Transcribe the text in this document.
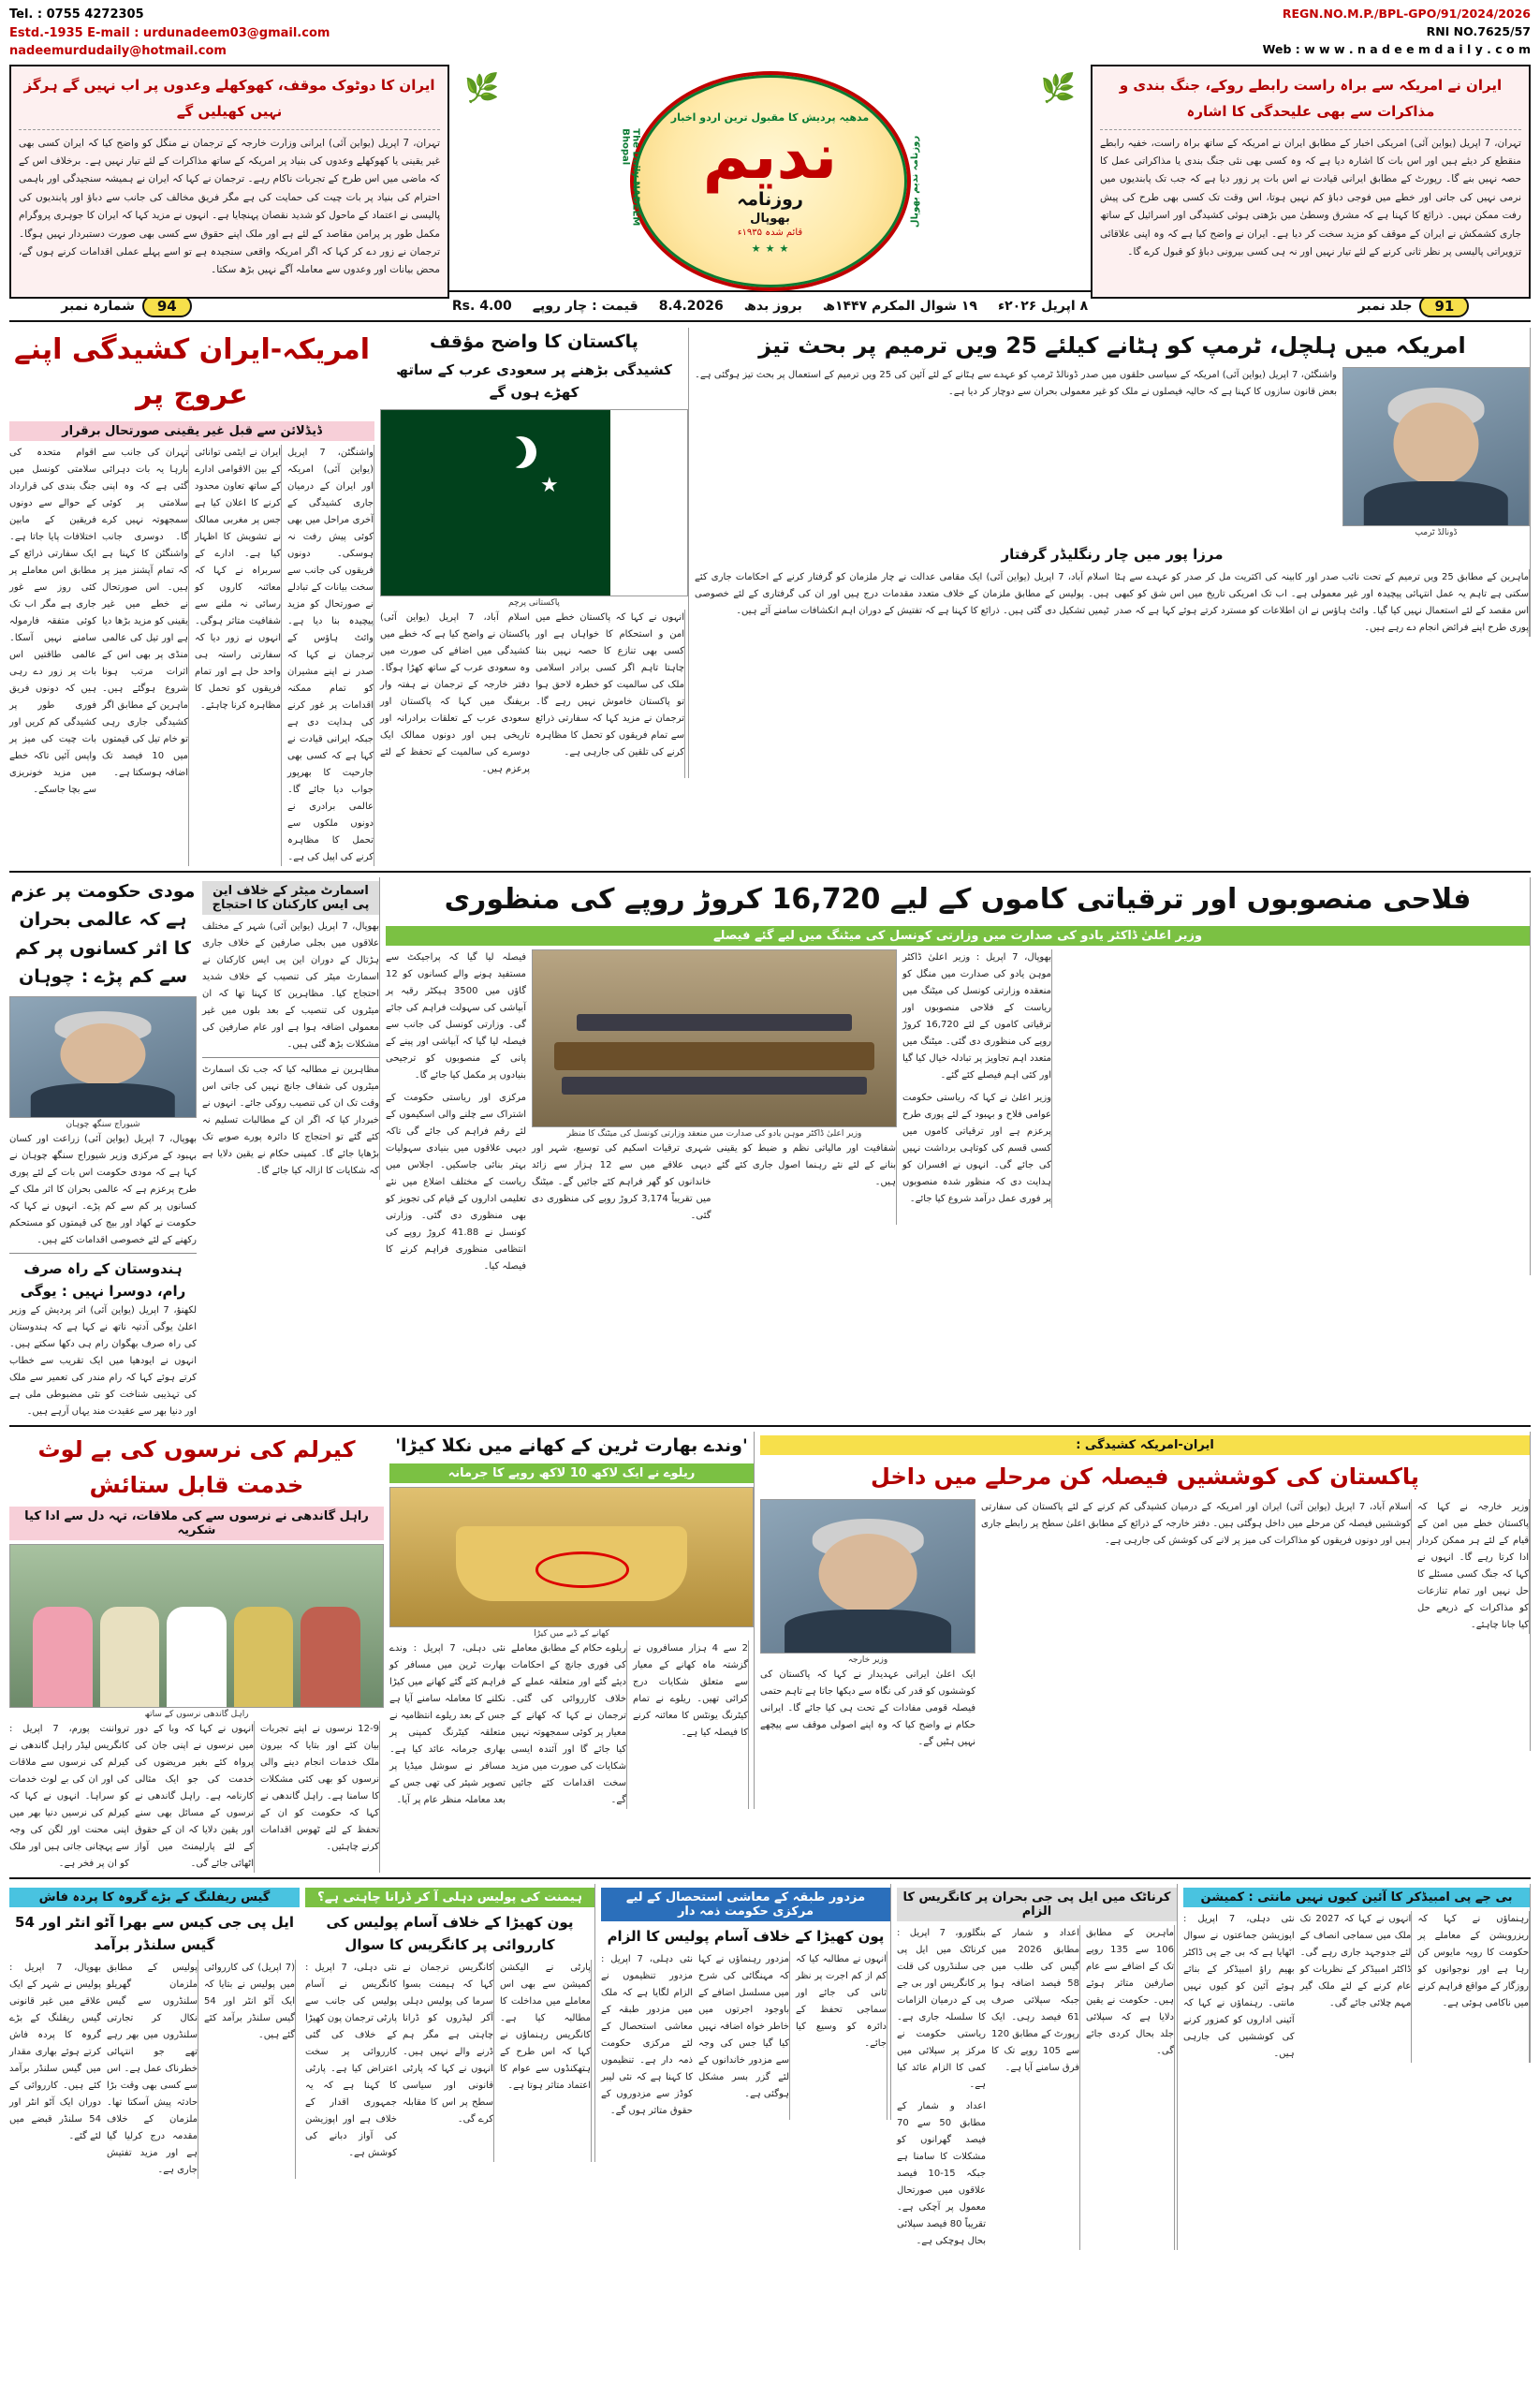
Tel. : 0755 4272305
Estd.-1935 E-mail : urdunadeem03@gmail.com
nadeemurdudaily@hotmail.com
REGN.NO.M.P./BPL-GPO/91/2024/2026
RNI NO.7625/57
Web : w w w . n a d e e m d a i l y . c o m
ایران کا دوٹوک موقف، کھوکھلے وعدوں پر اب نہیں گے ہرگز نہیں کھیلیں گے
تہران، 7 اپریل (یواین آئی) ایرانی وزارت خارجہ کے ترجمان نے منگل کو واضح کیا کہ ایران کسی بھی غیر یقینی یا کھوکھلے وعدوں کی بنیاد پر امریکہ کے ساتھ مذاکرات کے لئے تیار نہیں ہے۔ برخلاف اس کے کہ ماضی میں اس طرح کے تجربات ناکام رہے۔ ترجمان نے کہا کہ ایران نے ہمیشہ سنجیدگی اور باہمی احترام کی بنیاد پر بات چیت کی حمایت کی ہے مگر فریق مخالف کی جانب سے دباؤ اور پابندیوں کی پالیسی نے اعتماد کے ماحول کو شدید نقصان پہنچایا ہے۔ انہوں نے مزید کہا کہ ایران کا جوہری پروگرام مکمل طور پر پرامن مقاصد کے لئے ہے اور ملک اپنے حقوق سے کسی بھی صورت دستبردار نہیں ہوگا۔ ترجمان نے زور دے کر کہا کہ اگر امریکہ واقعی سنجیدہ ہے تو اسے پہلے عملی اقدامات کرنے ہوں گے، محض بیانات اور وعدوں سے معاملہ آگے نہیں بڑھ سکتا۔
🌿	🌿
The Daily NADEEM Bhopal	روزنامہ ندیم بھوپال
مدھیہ پردیش کا مقبول ترین اردو اخبار
ندیم
روزنامہ
بھوپال
قائم شدہ ۱۹۳۵ء
★ ★ ★
ایران نے امریکہ سے براہ راست رابطے روکے، جنگ بندی و مذاکرات سے بھی علیحدگی کا اشارہ
تہران، 7 اپریل (یواین آئی) امریکی اخبار کے مطابق ایران نے امریکہ کے ساتھ براہ راست، خفیہ رابطے منقطع کر دیئے ہیں اور اس بات کا اشارہ دیا ہے کہ وہ کسی بھی نئی جنگ بندی یا مذاکراتی عمل کا حصہ نہیں بنے گا۔ رپورٹ کے مطابق ایرانی قیادت نے اس بات پر زور دیا ہے کہ جب تک پابندیوں میں نرمی نہیں کی جاتی اور خطے میں فوجی دباؤ کم نہیں ہوتا، اس وقت تک کسی بھی طرح کی پیش رفت ممکن نہیں۔ ذرائع کا کہنا ہے کہ مشرق وسطیٰ میں بڑھتی ہوئی کشیدگی اور اسرائیل کے ساتھ جاری کشمکش نے ایران کے موقف کو مزید سخت کر دیا ہے۔ ایران نے واضح کیا ہے کہ وہ اپنی علاقائی تزویراتی پالیسی پر نظر ثانی کرنے کے لئے تیار نہیں اور نہ ہی کسی بیرونی دباؤ کو قبول کرے گا۔
شمارہ نمبر	94	Rs. 4.00 قیمت : چار روپے 8.4.2026 بروز بدھ ۱۹ شوال المکرم ۱۴۴۷ھ ۸ اپریل ۲۰۲۶ء	91
جلد نمبر
امریکہ-ایران کشیدگی اپنے عروج پر
ڈیڈلائن سے قبل غیر یقینی صورتحال برقرار
اقوام متحدہ کی سلامتی کونسل میں جنگ بندی کی قرارداد کے حوالے سے دونوں فریقین کے مابین اختلافات پایا جاتا ہے۔ ایک سفارتی ذرائع کے مطابق اس معاملے پر کئی روز سے غور جاری ہے مگر اب تک کوئی متفقہ فارمولہ سامنے نہیں آسکا۔ عالمی طاقتیں اس بات پر زور دے رہی ہیں کہ دونوں فریق فوری طور پر کشیدگی کم کریں اور بات چیت کی میز پر واپس آئیں تاکہ خطے میں مزید خونریزی سے بچا جاسکے۔
تہران کی جانب سے بارہا یہ بات دہرائی گئی ہے کہ وہ اپنی سلامتی پر کوئی سمجھوتہ نہیں کرے گا۔ دوسری جانب واشنگٹن کا کہنا ہے کہ تمام آپشنز میز پر ہیں۔ اس صورتحال نے خطے میں غیر یقینی کو مزید بڑھا دیا ہے اور تیل کی عالمی منڈی پر بھی اس کے اثرات مرتب ہونا شروع ہوگئے ہیں۔ ماہرین کے مطابق اگر کشیدگی جاری رہی تو خام تیل کی قیمتوں میں 10 فیصد تک اضافہ ہوسکتا ہے۔
ایران نے ایٹمی توانائی کے بین الاقوامی ادارے کے ساتھ تعاون محدود کرنے کا اعلان کیا ہے جس پر مغربی ممالک نے تشویش کا اظہار کیا ہے۔ ادارے کے سربراہ نے کہا کہ معائنہ کاروں کو رسائی نہ ملنے سے شفافیت متاثر ہوگی۔ انہوں نے زور دیا کہ سفارتی راستہ ہی واحد حل ہے اور تمام فریقوں کو تحمل کا مظاہرہ کرنا چاہئے۔
واشنگٹن، 7 اپریل (یواین آئی) امریکہ اور ایران کے درمیان جاری کشیدگی کے آخری مراحل میں بھی کوئی پیش رفت نہ ہوسکی۔ دونوں فریقوں کی جانب سے سخت بیانات کے تبادلے نے صورتحال کو مزید پیچیدہ بنا دیا ہے۔ وائٹ ہاؤس کے ترجمان نے کہا کہ صدر نے اپنے مشیران کو تمام ممکنہ اقدامات پر غور کرنے کی ہدایت دی ہے جبکہ ایرانی قیادت نے کہا ہے کہ کسی بھی جارحیت کا بھرپور جواب دیا جائے گا۔ عالمی برادری نے دونوں ملکوں سے تحمل کا مظاہرہ کرنے کی اپیل کی ہے۔
پاکستان کا واضح مؤقف
کشیدگی بڑھنے پر سعودی عرب کے ساتھ کھڑے ہوں گے
★
پاکستانی پرچم
اسلام آباد، 7 اپریل (یواین آئی) پاکستان نے واضح کیا ہے کہ خطے میں کشیدگی میں اضافے کی صورت میں وہ سعودی عرب کے ساتھ کھڑا ہوگا۔ دفتر خارجہ کے ترجمان نے ہفتہ وار بریفنگ میں کہا کہ پاکستان اور سعودی عرب کے تعلقات برادرانہ اور تاریخی ہیں اور دونوں ممالک ایک دوسرے کی سالمیت کے تحفظ کے لئے پرعزم ہیں۔
انہوں نے کہا کہ پاکستان خطے میں امن و استحکام کا خواہاں ہے اور کسی بھی تنازع کا حصہ نہیں بننا چاہتا تاہم اگر کسی برادر اسلامی ملک کی سالمیت کو خطرہ لاحق ہوا تو پاکستان خاموش نہیں رہے گا۔ ترجمان نے مزید کہا کہ سفارتی ذرائع سے تمام فریقوں کو تحمل کا مظاہرہ کرنے کی تلقین کی جارہی ہے۔
امریکہ میں ہلچل، ٹرمپ کو ہٹانے کیلئے 25 ویں ترمیم پر بحث تیز
واشنگٹن، 7 اپریل (یواین آئی) امریکہ کے سیاسی حلقوں میں صدر ڈونالڈ ٹرمپ کو عہدے سے ہٹانے کے لئے آئین کی 25 ویں ترمیم کے استعمال پر بحث تیز ہوگئی ہے۔ بعض قانون سازوں کا کہنا ہے کہ حالیہ فیصلوں نے ملک کو غیر معمولی بحران سے دوچار کر دیا ہے۔
ڈونالڈ ٹرمپ
مرزا پور میں چار رنگلیڈر گرفتار
اسلام آباد، 7 اپریل (یواین آئی) ایک مقامی عدالت نے چار ملزمان کو گرفتار کرنے کے احکامات جاری کئے ہیں۔ پولیس کے مطابق ملزمان کے خلاف متعدد مقدمات درج ہیں اور ان کی گرفتاری کے لئے خصوصی ٹیمیں تشکیل دی گئی ہیں۔ ذرائع کا کہنا ہے کہ تفتیش کے دوران اہم انکشافات سامنے آئے ہیں۔
ماہرین کے مطابق 25 ویں ترمیم کے تحت نائب صدر اور کابینہ کی اکثریت مل کر صدر کو عہدے سے ہٹا سکتی ہے تاہم یہ عمل انتہائی پیچیدہ اور غیر معمولی ہے۔ اب تک امریکی تاریخ میں اس شق کو کبھی اس مقصد کے لئے استعمال نہیں کیا گیا۔ وائٹ ہاؤس نے ان اطلاعات کو مسترد کرتے ہوئے کہا ہے کہ صدر پوری طرح اپنے فرائض انجام دے رہے ہیں۔
مودی حکومت پر عزم ہے کہ عالمی بحران کا اثر کسانوں پر کم سے کم پڑے : چوہان
شیوراج سنگھ چوہان
بھوپال، 7 اپریل (یواین آئی) زراعت اور کسان بہبود کے مرکزی وزیر شیوراج سنگھ چوہان نے کہا ہے کہ مودی حکومت اس بات کے لئے پوری طرح پرعزم ہے کہ عالمی بحران کا اثر ملک کے کسانوں پر کم سے کم پڑے۔ انہوں نے کہا کہ حکومت نے کھاد اور بیج کی قیمتوں کو مستحکم رکھنے کے لئے خصوصی اقدامات کئے ہیں۔
ہندوستان کے راہ صرف رام، دوسرا نہیں : یوگی
لکھنؤ، 7 اپریل (یواین آئی) اتر پردیش کے وزیر اعلیٰ یوگی آدتیہ ناتھ نے کہا ہے کہ ہندوستان کی راہ صرف بھگوان رام ہی دکھا سکتے ہیں۔ انہوں نے ایودھیا میں ایک تقریب سے خطاب کرتے ہوئے کہا کہ رام مندر کی تعمیر سے ملک کی تہذیبی شناخت کو نئی مضبوطی ملی ہے اور دنیا بھر سے عقیدت مند یہاں آرہے ہیں۔
اسمارٹ میٹر کے خلاف این پی ایس کارکنان کا احتجاج
بھوپال، 7 اپریل (یواین آئی) شہر کے مختلف علاقوں میں بجلی صارفین کے خلاف جاری ہڑتال کے دوران این پی ایس کارکنان نے اسمارٹ میٹر کی تنصیب کے خلاف شدید احتجاج کیا۔ مظاہرین کا کہنا تھا کہ ان میٹروں کی تنصیب کے بعد بلوں میں غیر معمولی اضافہ ہوا ہے اور عام صارفین کی مشکلات بڑھ گئی ہیں۔
مظاہرین نے مطالبہ کیا کہ جب تک اسمارٹ میٹروں کی شفاف جانچ نہیں کی جاتی اس وقت تک ان کی تنصیب روکی جائے۔ انہوں نے خبردار کیا کہ اگر ان کے مطالبات تسلیم نہ کئے گئے تو احتجاج کا دائرہ پورے صوبے تک بڑھایا جائے گا۔ کمپنی حکام نے یقین دلایا ہے کہ شکایات کا ازالہ کیا جائے گا۔
فلاحی منصوبوں اور ترقیاتی کاموں کے لیے 16,720 کروڑ روپے کی منظوری
وزیر اعلیٰ ڈاکٹر یادو کی صدارت میں وزارتی کونسل کی میٹنگ میں لیے گئے فیصلے
فیصلہ لیا گیا کہ پراجیکٹ سے مستفید ہونے والے کسانوں کو 12 گاؤں میں 3500 ہیکٹر رقبہ پر آبپاشی کی سہولت فراہم کی جائے گی۔ وزارتی کونسل کی جانب سے فیصلہ لیا گیا کہ آبپاشی اور پینے کے پانی کے منصوبوں کو ترجیحی بنیادوں پر مکمل کیا جائے گا۔
مرکزی اور ریاستی حکومت کے اشتراک سے چلنے والی اسکیموں کے لئے رقم فراہم کی جائے گی تاکہ دیہی علاقوں میں بنیادی سہولیات بہتر بنائی جاسکیں۔ اجلاس میں ریاست کے مختلف اضلاع میں نئے تعلیمی اداروں کے قیام کی تجویز کو بھی منظوری دی گئی۔ وزارتی کونسل نے 41.88 کروڑ روپے کی انتظامی منظوری فراہم کرنے کا فیصلہ کیا۔
وزیر اعلیٰ ڈاکٹر موہن یادو کی صدارت میں منعقد وزارتی کونسل کی میٹنگ کا منظر
شہری ترقیات اسکیم کی توسیع، شہر اور دیہی علاقے میں سے 12 ہزار سے زائد خاندانوں کو گھر فراہم کئے جائیں گے۔ میٹنگ میں تقریباً 3,174 کروڑ روپے کی منظوری دی گئی۔
شفافیت اور مالیاتی نظم و ضبط کو یقینی بنانے کے لئے نئے رہنما اصول جاری کئے گئے ہیں۔
بھوپال، 7 اپریل : وزیر اعلیٰ ڈاکٹر موہن یادو کی صدارت میں منگل کو منعقدہ وزارتی کونسل کی میٹنگ میں ریاست کے فلاحی منصوبوں اور ترقیاتی کاموں کے لئے 16,720 کروڑ روپے کی منظوری دی گئی۔ میٹنگ میں متعدد اہم تجاویز پر تبادلہ خیال کیا گیا اور کئی اہم فیصلے کئے گئے۔
وزیر اعلیٰ نے کہا کہ ریاستی حکومت عوامی فلاح و بہبود کے لئے پوری طرح پرعزم ہے اور ترقیاتی کاموں میں کسی قسم کی کوتاہی برداشت نہیں کی جائے گی۔ انہوں نے افسران کو ہدایت دی کہ منظور شدہ منصوبوں پر فوری عمل درآمد شروع کیا جائے۔
کیرلم کی نرسوں کی بے لوث خدمت قابل ستائش
راہل گاندھی نے نرسوں سے کی ملاقات، تہہ دل سے ادا کیا شکریہ
راہل گاندھی نرسوں کے ساتھ
ترواننت پورم، 7 اپریل : کانگریس لیڈر راہل گاندھی نے کیرلم کی نرسوں سے ملاقات کی اور ان کی بے لوث خدمات کو سراہا۔ انہوں نے کہا کہ کیرلم کی نرسیں دنیا بھر میں اپنی محنت اور لگن کی وجہ سے پہچانی جاتی ہیں اور ملک کو ان پر فخر ہے۔
انہوں نے کہا کہ وبا کے دور میں نرسوں نے اپنی جان کی پرواہ کئے بغیر مریضوں کی خدمت کی جو ایک مثالی کارنامہ ہے۔ راہل گاندھی نے نرسوں کے مسائل بھی سنے اور یقین دلایا کہ ان کے حقوق کے لئے پارلیمنٹ میں آواز اٹھائی جائے گی۔
12-9 نرسوں نے اپنے تجربات بیان کئے اور بتایا کہ بیرون ملک خدمات انجام دینے والی نرسوں کو بھی کئی مشکلات کا سامنا ہے۔ راہل گاندھی نے کہا کہ حکومت کو ان کے تحفظ کے لئے ٹھوس اقدامات کرنے چاہئیں۔
'وندے بھارت ٹرین کے کھانے میں نکلا کیڑا'
ریلوے نے ایک لاکھ 10 لاکھ روپے کا جرمانہ
کھانے کے ڈبے میں کیڑا
نئی دہلی، 7 اپریل : وندے بھارت ٹرین میں مسافر کو فراہم کئے گئے کھانے میں کیڑا نکلنے کا معاملہ سامنے آیا ہے جس کے بعد ریلوے انتظامیہ نے متعلقہ کیٹرنگ کمپنی پر بھاری جرمانہ عائد کیا ہے۔ مسافر نے سوشل میڈیا پر تصویر شیئر کی تھی جس کے بعد معاملہ منظر عام پر آیا۔
ریلوے حکام کے مطابق معاملے کی فوری جانچ کے احکامات دیئے گئے اور متعلقہ عملے کے خلاف کارروائی کی گئی۔ ترجمان نے کہا کہ کھانے کے معیار پر کوئی سمجھوتہ نہیں کیا جائے گا اور آئندہ ایسی شکایات کی صورت میں مزید سخت اقدامات کئے جائیں گے۔
2 سے 4 ہزار مسافروں نے گزشتہ ماہ کھانے کے معیار سے متعلق شکایات درج کرائی تھیں۔ ریلوے نے تمام کیٹرنگ یونٹس کا معائنہ کرنے کا فیصلہ کیا ہے۔
ایران-امریکہ کشیدگی :
پاکستان کی کوششیں فیصلہ کن مرحلے میں داخل
وزیر خارجہ
ایک اعلیٰ ایرانی عہدیدار نے کہا کہ پاکستان کی کوششوں کو قدر کی نگاہ سے دیکھا جاتا ہے تاہم حتمی فیصلہ قومی مفادات کے تحت ہی کیا جائے گا۔ ایرانی حکام نے واضح کیا کہ وہ اپنے اصولی موقف سے پیچھے نہیں ہٹیں گے۔
اسلام آباد، 7 اپریل (یواین آئی) ایران اور امریکہ کے درمیان کشیدگی کم کرنے کے لئے پاکستان کی سفارتی کوششیں فیصلہ کن مرحلے میں داخل ہوگئی ہیں۔ دفتر خارجہ کے ذرائع کے مطابق اعلیٰ سطح پر رابطے جاری ہیں اور دونوں فریقوں کو مذاکرات کی میز پر لانے کی کوشش کی جارہی ہے۔
وزیر خارجہ نے کہا کہ پاکستان خطے میں امن کے قیام کے لئے ہر ممکن کردار ادا کرتا رہے گا۔ انہوں نے کہا کہ جنگ کسی مسئلے کا حل نہیں اور تمام تنازعات کو مذاکرات کے ذریعے حل کیا جانا چاہئے۔
گیس ریفلنگ کے بڑے گروہ کا پردہ فاش
ایل پی جی کیس سے بھرا آٹو انٹر اور 54 گیس سلنڈر برآمد
بھوپال، 7 اپریل : پولیس نے شہر کے ایک علاقے میں غیر قانونی گیس ریفلنگ کے بڑے گروہ کا پردہ فاش کرتے ہوئے بھاری مقدار میں گیس سلنڈر برآمد کئے ہیں۔ کارروائی کے دوران ایک آٹو انٹر اور 54 سلنڈر قبضے میں لئے گئے۔
پولیس کے مطابق ملزمان گھریلو سلنڈروں سے گیس نکال کر تجارتی سلنڈروں میں بھر رہے تھے جو انتہائی خطرناک عمل ہے۔ اس سے کسی بھی وقت بڑا حادثہ پیش آسکتا تھا۔ ملزمان کے خلاف مقدمہ درج کرلیا گیا ہے اور مزید تفتیش جاری ہے۔
(7 اپریل) کی کارروائی میں پولیس نے بتایا کہ ایک آٹو انٹر اور 54 گیس سلنڈر برآمد کئے گئے ہیں۔
ہیمنت کی پولیس دہلی آ کر ڈرانا چاہتی ہے؟
پون کھیڑا کے خلاف آسام پولیس کی کارروائی پر کانگریس کا سوال
نئی دہلی، 7 اپریل : کانگریس نے آسام پولیس کی جانب سے پارٹی ترجمان پون کھیڑا کے خلاف کی گئی کارروائی پر سخت اعتراض کیا ہے۔ پارٹی کا کہنا ہے کہ یہ جمہوری اقدار کے خلاف ہے اور اپوزیشن کی آواز دبانے کی کوشش ہے۔
کانگریس ترجمان نے کہا کہ ہیمنت بسوا سرما کی پولیس دہلی آکر لیڈروں کو ڈرانا چاہتی ہے مگر ہم ڈرنے والے نہیں ہیں۔ انہوں نے کہا کہ پارٹی قانونی اور سیاسی سطح پر اس کا مقابلہ کرے گی۔
پارٹی نے الیکشن کمیشن سے بھی اس معاملے میں مداخلت کا مطالبہ کیا ہے۔ کانگریس رہنماؤں نے کہا کہ اس طرح کے ہتھکنڈوں سے عوام کا اعتماد متاثر ہوتا ہے۔
مزدور طبقہ کے معاشی استحصال کے لیے مرکزی حکومت ذمہ دار
پون کھیڑا کے خلاف آسام پولیس کا الزام
نئی دہلی، 7 اپریل : مزدور تنظیموں نے الزام لگایا ہے کہ ملک میں مزدور طبقہ کے معاشی استحصال کے لئے مرکزی حکومت ذمہ دار ہے۔ تنظیموں کا کہنا ہے کہ نئی لیبر کوڈز سے مزدوروں کے حقوق متاثر ہوں گے۔
مزدور رہنماؤں نے کہا کہ مہنگائی کی شرح میں مسلسل اضافے کے باوجود اجرتوں میں خاطر خواہ اضافہ نہیں کیا گیا جس کی وجہ سے مزدور خاندانوں کے لئے گزر بسر مشکل ہوگئی ہے۔
انہوں نے مطالبہ کیا کہ کم از کم اجرت پر نظر ثانی کی جائے اور سماجی تحفظ کے دائرہ کو وسیع کیا جائے۔
کرناٹک میں ایل پی جی بحران پر کانگریس کا الزام
بنگلورو، 7 اپریل : کرناٹک میں ایل پی جی سلنڈروں کی قلت پر کانگریس اور بی جے پی کے درمیان الزامات کا سلسلہ جاری ہے۔ ریاستی حکومت نے مرکز پر سپلائی میں کمی کا الزام عائد کیا ہے۔
اعداد و شمار کے مطابق 50 سے 70 فیصد گھرانوں کو مشکلات کا سامنا ہے جبکہ 15-10 فیصد علاقوں میں صورتحال معمول پر آچکی ہے۔ تقریباً 80 فیصد سپلائی بحال ہوچکی ہے۔
اعداد و شمار کے مطابق 2026 میں گیس کی طلب میں 58 فیصد اضافہ ہوا جبکہ سپلائی صرف 61 فیصد رہی۔ ایک رپورٹ کے مطابق 120 سے 105 روپے تک کا فرق سامنے آیا ہے۔
ماہرین کے مطابق 106 سے 135 روپے تک کے اضافے سے عام صارفین متاثر ہوئے ہیں۔ حکومت نے یقین دلایا ہے کہ سپلائی جلد بحال کردی جائے گی۔
بی جے پی امبیڈکر کا آئین کیوں نہیں مانتی : کمیشن
نئی دہلی، 7 اپریل : اپوزیشن جماعتوں نے سوال اٹھایا ہے کہ بی جے پی ڈاکٹر بھیم راؤ امبیڈکر کے بنائے ہوئے آئین کو کیوں نہیں مانتی۔ رہنماؤں نے کہا کہ آئینی اداروں کو کمزور کرنے کی کوششیں کی جارہی ہیں۔
انہوں نے کہا کہ 2027 تک ملک میں سماجی انصاف کے لئے جدوجہد جاری رہے گی۔ ڈاکٹر امبیڈکر کے نظریات کو عام کرنے کے لئے ملک گیر مہم چلائی جائے گی۔
رہنماؤں نے کہا کہ ریزرویشن کے معاملے پر حکومت کا رویہ مایوس کن رہا ہے اور نوجوانوں کو روزگار کے مواقع فراہم کرنے میں ناکامی ہوئی ہے۔
